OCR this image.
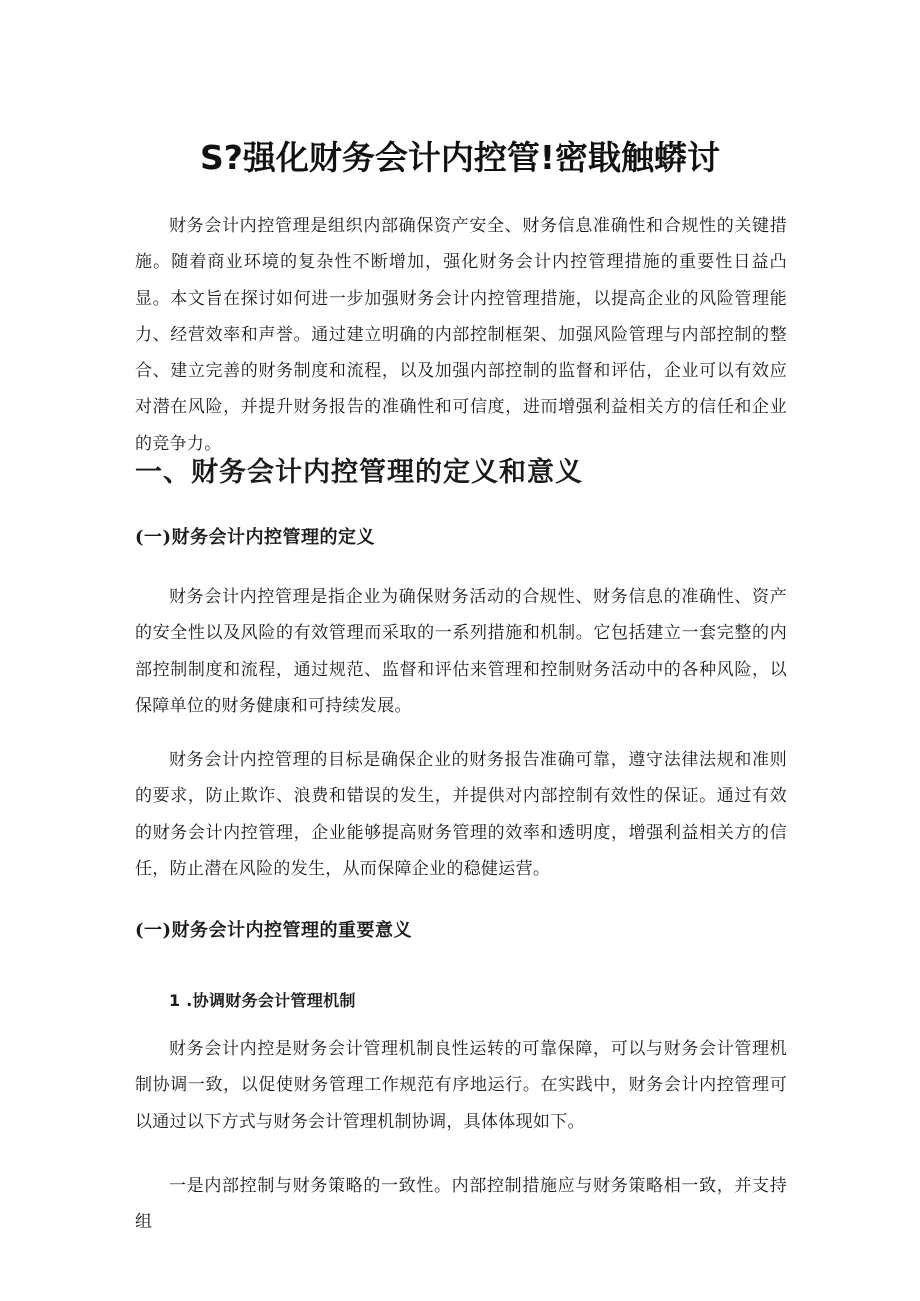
S?强化财务会计内控管!密戢触蟒讨

财务会计内控管理是组织内部确保资产安全、财务信息准确性和合规性的关键措施。随着商业环境的复杂性不断增加，强化财务会计内控管理措施的重要性日益凸显。本文旨在探讨如何进一步加强财务会计内控管理措施，以提高企业的风险管理能力、经营效率和声誉。通过建立明确的内部控制框架、加强风险管理与内部控制的整合、建立完善的财务制度和流程，以及加强内部控制的监督和评估，企业可以有效应对潜在风险，并提升财务报告的准确性和可信度，进而增强利益相关方的信任和企业的竞争力。

一、财务会计内控管理的定义和意义
(一)财务会计内控管理的定义

财务会计内控管理是指企业为确保财务活动的合规性、财务信息的准确性、资产的安全性以及风险的有效管理而采取的一系列措施和机制。它包括建立一套完整的内部控制制度和流程，通过规范、监督和评估来管理和控制财务活动中的各种风险，以保障单位的财务健康和可持续发展。

财务会计内控管理的目标是确保企业的财务报告准确可靠，遵守法律法规和准则的要求，防止欺诈、浪费和错误的发生，并提供对内部控制有效性的保证。通过有效的财务会计内控管理，企业能够提高财务管理的效率和透明度，增强利益相关方的信任，防止潜在风险的发生，从而保障企业的稳健运营。

(一)财务会计内控管理的重要意义
1 .协调财务会计管理机制

财务会计内控是财务会计管理机制良性运转的可靠保障，可以与财务会计管理机制协调一致，以促使财务管理工作规范有序地运行。在实践中，财务会计内控管理可以通过以下方式与财务会计管理机制协调，具体体现如下。

一是内部控制与财务策略的一致性。内部控制措施应与财务策略相一致，并支持组
